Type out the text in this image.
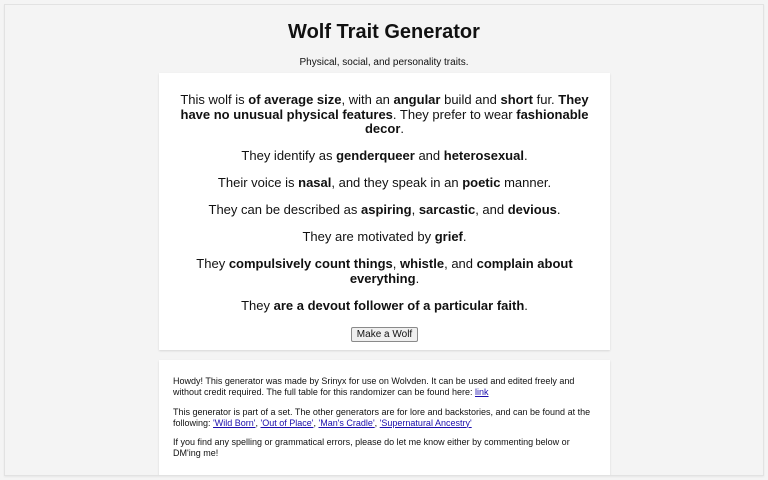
Wolf Trait Generator
Physical, social, and personality traits.

This wolf is of average size, with an angular build and short fur. They have no unusual physical features. They prefer to wear fashionable decor.

They identify as genderqueer and heterosexual.

Their voice is nasal, and they speak in an poetic manner.

They can be described as aspiring, sarcastic, and devious.

They are motivated by grief.

They compulsively count things, whistle, and complain about everything.

They are a devout follower of a particular faith.

Make a Wolf

Howdy! This generator was made by Srinyx for use on Wolvden. It can be used and edited freely and without credit required. The full table for this randomizer can be found here: link

This generator is part of a set. The other generators are for lore and backstories, and can be found at the following: 'Wild Born', 'Out of Place', 'Man's Cradle', 'Supernatural Ancestry'

If you find any spelling or grammatical errors, please do let me know either by commenting below or DM'ing me!
